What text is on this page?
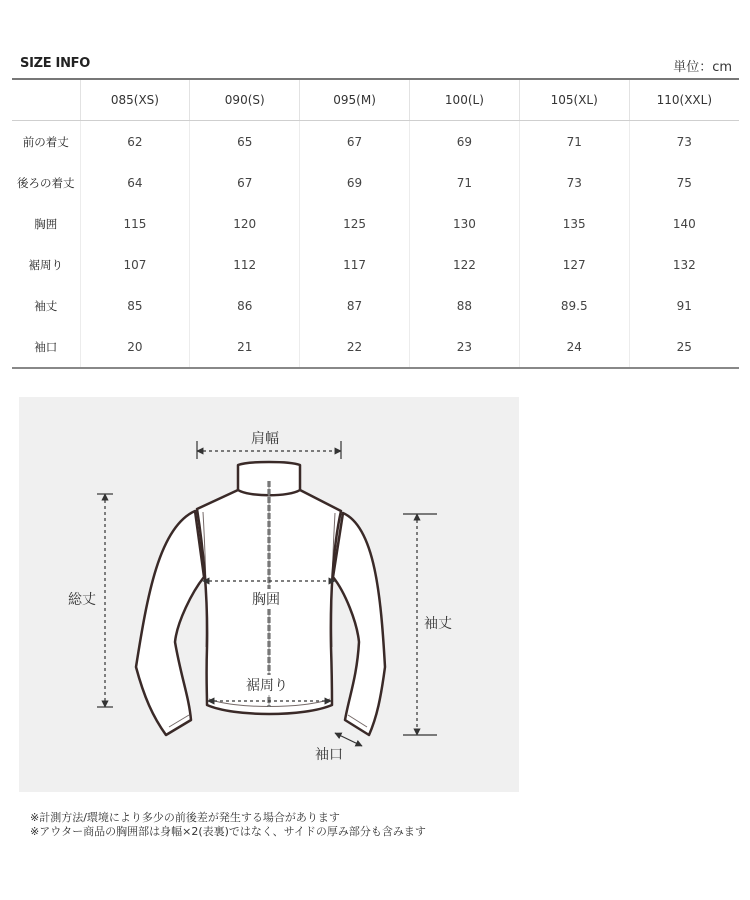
SIZE INFO	単位：cm
	085(XS)	090(S)	095(M)	100(L)	105(XL)	110(XXL)
前の着丈	62	65	67	69	71	73
後ろの着丈	64	67	69	71	73	75
胸囲	115	120	125	130	135	140
裾周り	107	112	117	122	127	132
袖丈	85	86	87	88	89.5	91
袖口	20	21	22	23	24	25
肩幅
総丈	胸囲
裾周り
袖丈
袖口
※計測方法/環境により多少の前後差が発生する場合があります
※アウター商品の胸囲部は身幅×2(表裏)ではなく、サイドの厚み部分も含みます
